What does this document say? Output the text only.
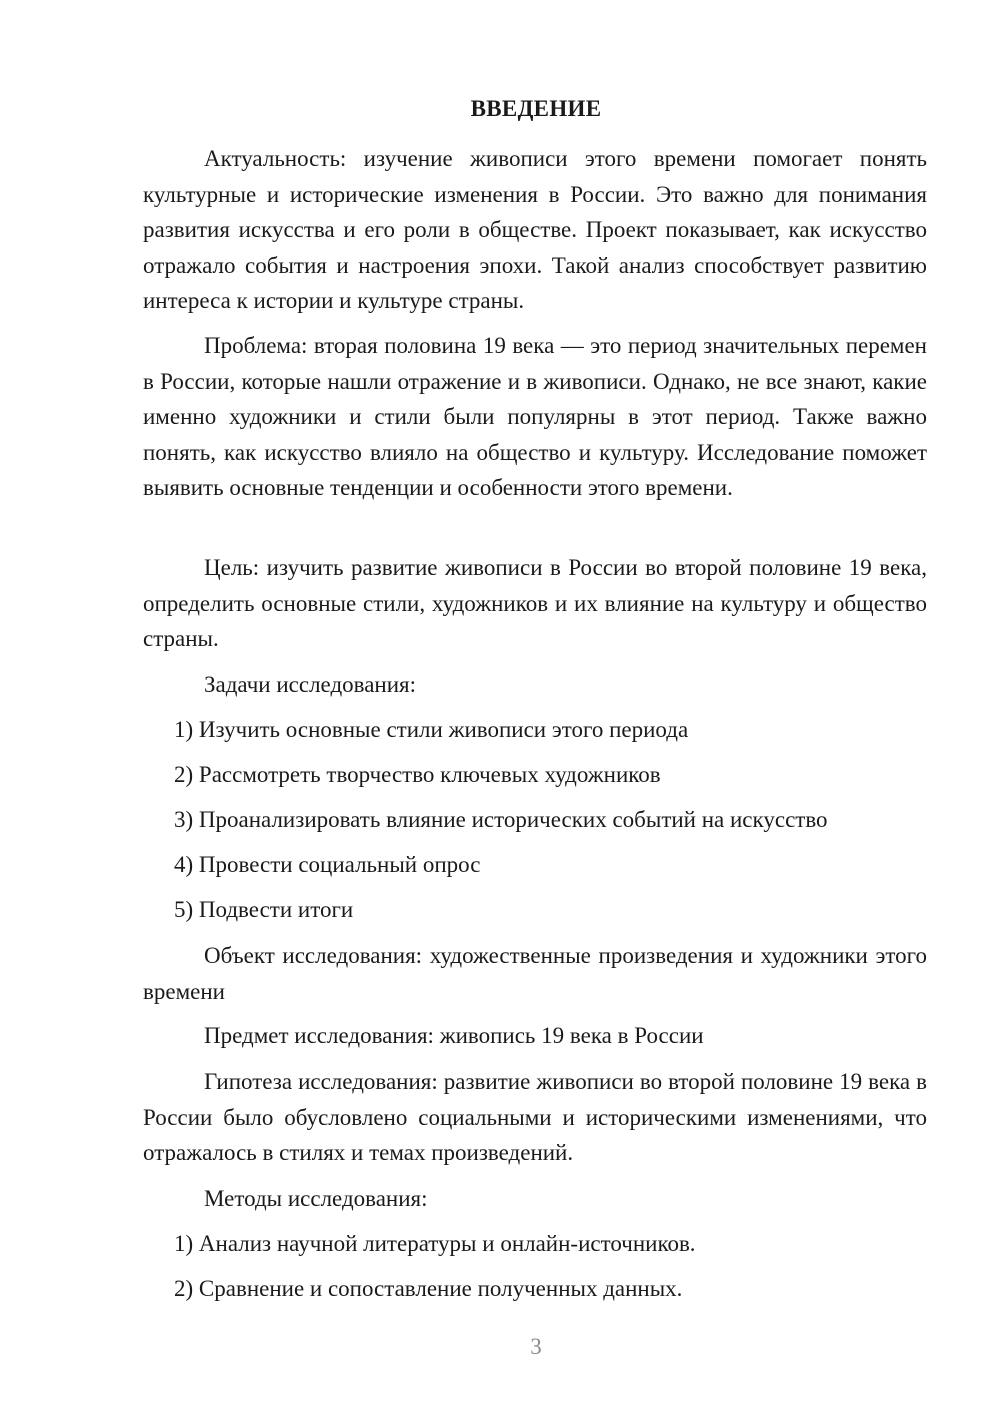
ВВЕДЕНИЕ

Актуальность: изучение живописи этого времени помогает понять культурные и исторические изменения в России. Это важно для понимания развития искусства и его роли в обществе. Проект показывает, как искусство отражало события и настроения эпохи. Такой анализ способствует развитию интереса к истории и культуре страны.

Проблема: вторая половина 19 века — это период значительных перемен в России, которые нашли отражение и в живописи. Однако, не все знают, какие именно художники и стили были популярны в этот период. Также важно понять, как искусство влияло на общество и культуру. Исследование поможет выявить основные тенденции и особенности этого времени.

Цель: изучить развитие живописи в России во второй половине 19 века, определить основные стили, художников и их влияние на культуру и общество страны.

Задачи исследования:

1) Изучить основные стили живописи этого периода

2) Рассмотреть творчество ключевых художников

3) Проанализировать влияние исторических событий на искусство

4) Провести социальный опрос

5) Подвести итоги

Объект исследования: художественные произведения и художники этого времени

Предмет исследования: живопись 19 века в России

Гипотеза исследования: развитие живописи во второй половине 19 века в России было обусловлено социальными и историческими изменениями, что отражалось в стилях и темах произведений.

Методы исследования:

1) Анализ научной литературы и онлайн-источников.

2) Сравнение и сопоставление полученных данных.

3
